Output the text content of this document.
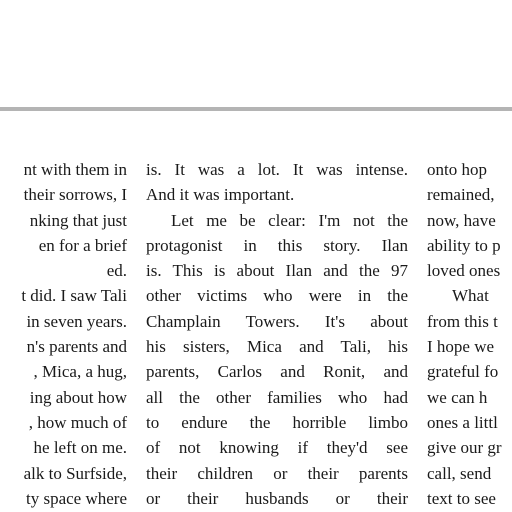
nt with them in
their sorrows, I
nking that just
en for a brief
ed.
t did. I saw Tali
in seven years.
n's parents and
, Mica, a hug,
ing about how
, how much of
he left on me.
alk to Surfside,
ty space where
is. It was a lot. It was intense.
And it was important.
Let me be clear: I'm not the
protagonist in this story. Ilan
is. This is about Ilan and the 97
other victims who were in the
Champlain Towers. It's about
his sisters, Mica and Tali, his
parents, Carlos and Ronit, and
all the other families who had
to endure the horrible limbo
of not knowing if they'd see
their children or their parents
or their husbands or their
onto hop
remained,
now, have
ability to p
loved ones
What
from this t
I hope we
grateful fo
we can h
ones a littl
give our gr
call, send
text to see
